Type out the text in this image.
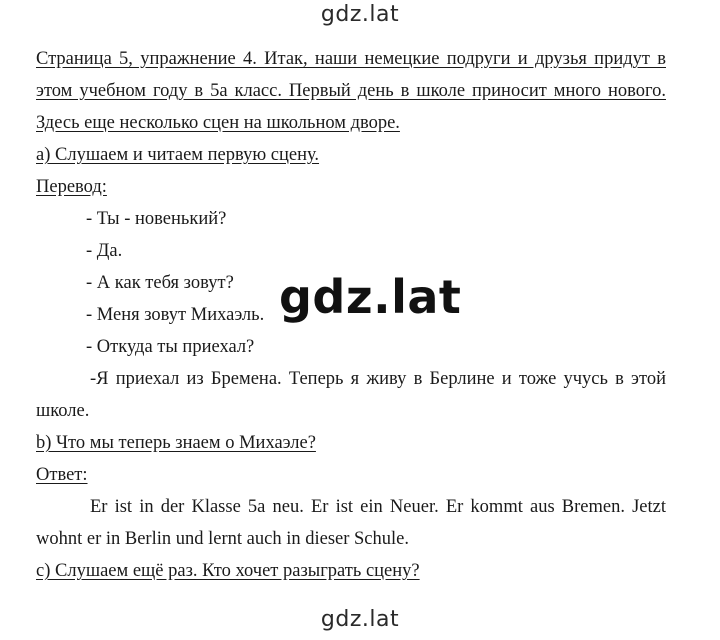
gdz.lat
Страница 5, упражнение 4. Итак, наши немецкие подруги и друзья придут в
этом учебном году в 5а класс. Первый день в школе приносит много нового.
Здесь еще несколько сцен на школьном дворе.
а) Слушаем и читаем первую сцену.
Перевод:
- Ты - новенький?
- Да.
- А как тебя зовут?
- Меня зовут Михаэль.
- Откуда ты приехал?
-Я приехал из Бремена. Теперь я живу в Берлине и тоже учусь в этой
школе.
b) Что мы теперь знаем о Михаэле?
Ответ:
Er ist in der Klasse 5a neu. Er ist ein Neuer. Er kommt aus Bremen. Jetzt
wohnt er in Berlin und lernt auch in dieser Schule.
c) Слушаем ещё раз. Кто хочет разыграть сцену?
gdz.lat
gdz.lat
